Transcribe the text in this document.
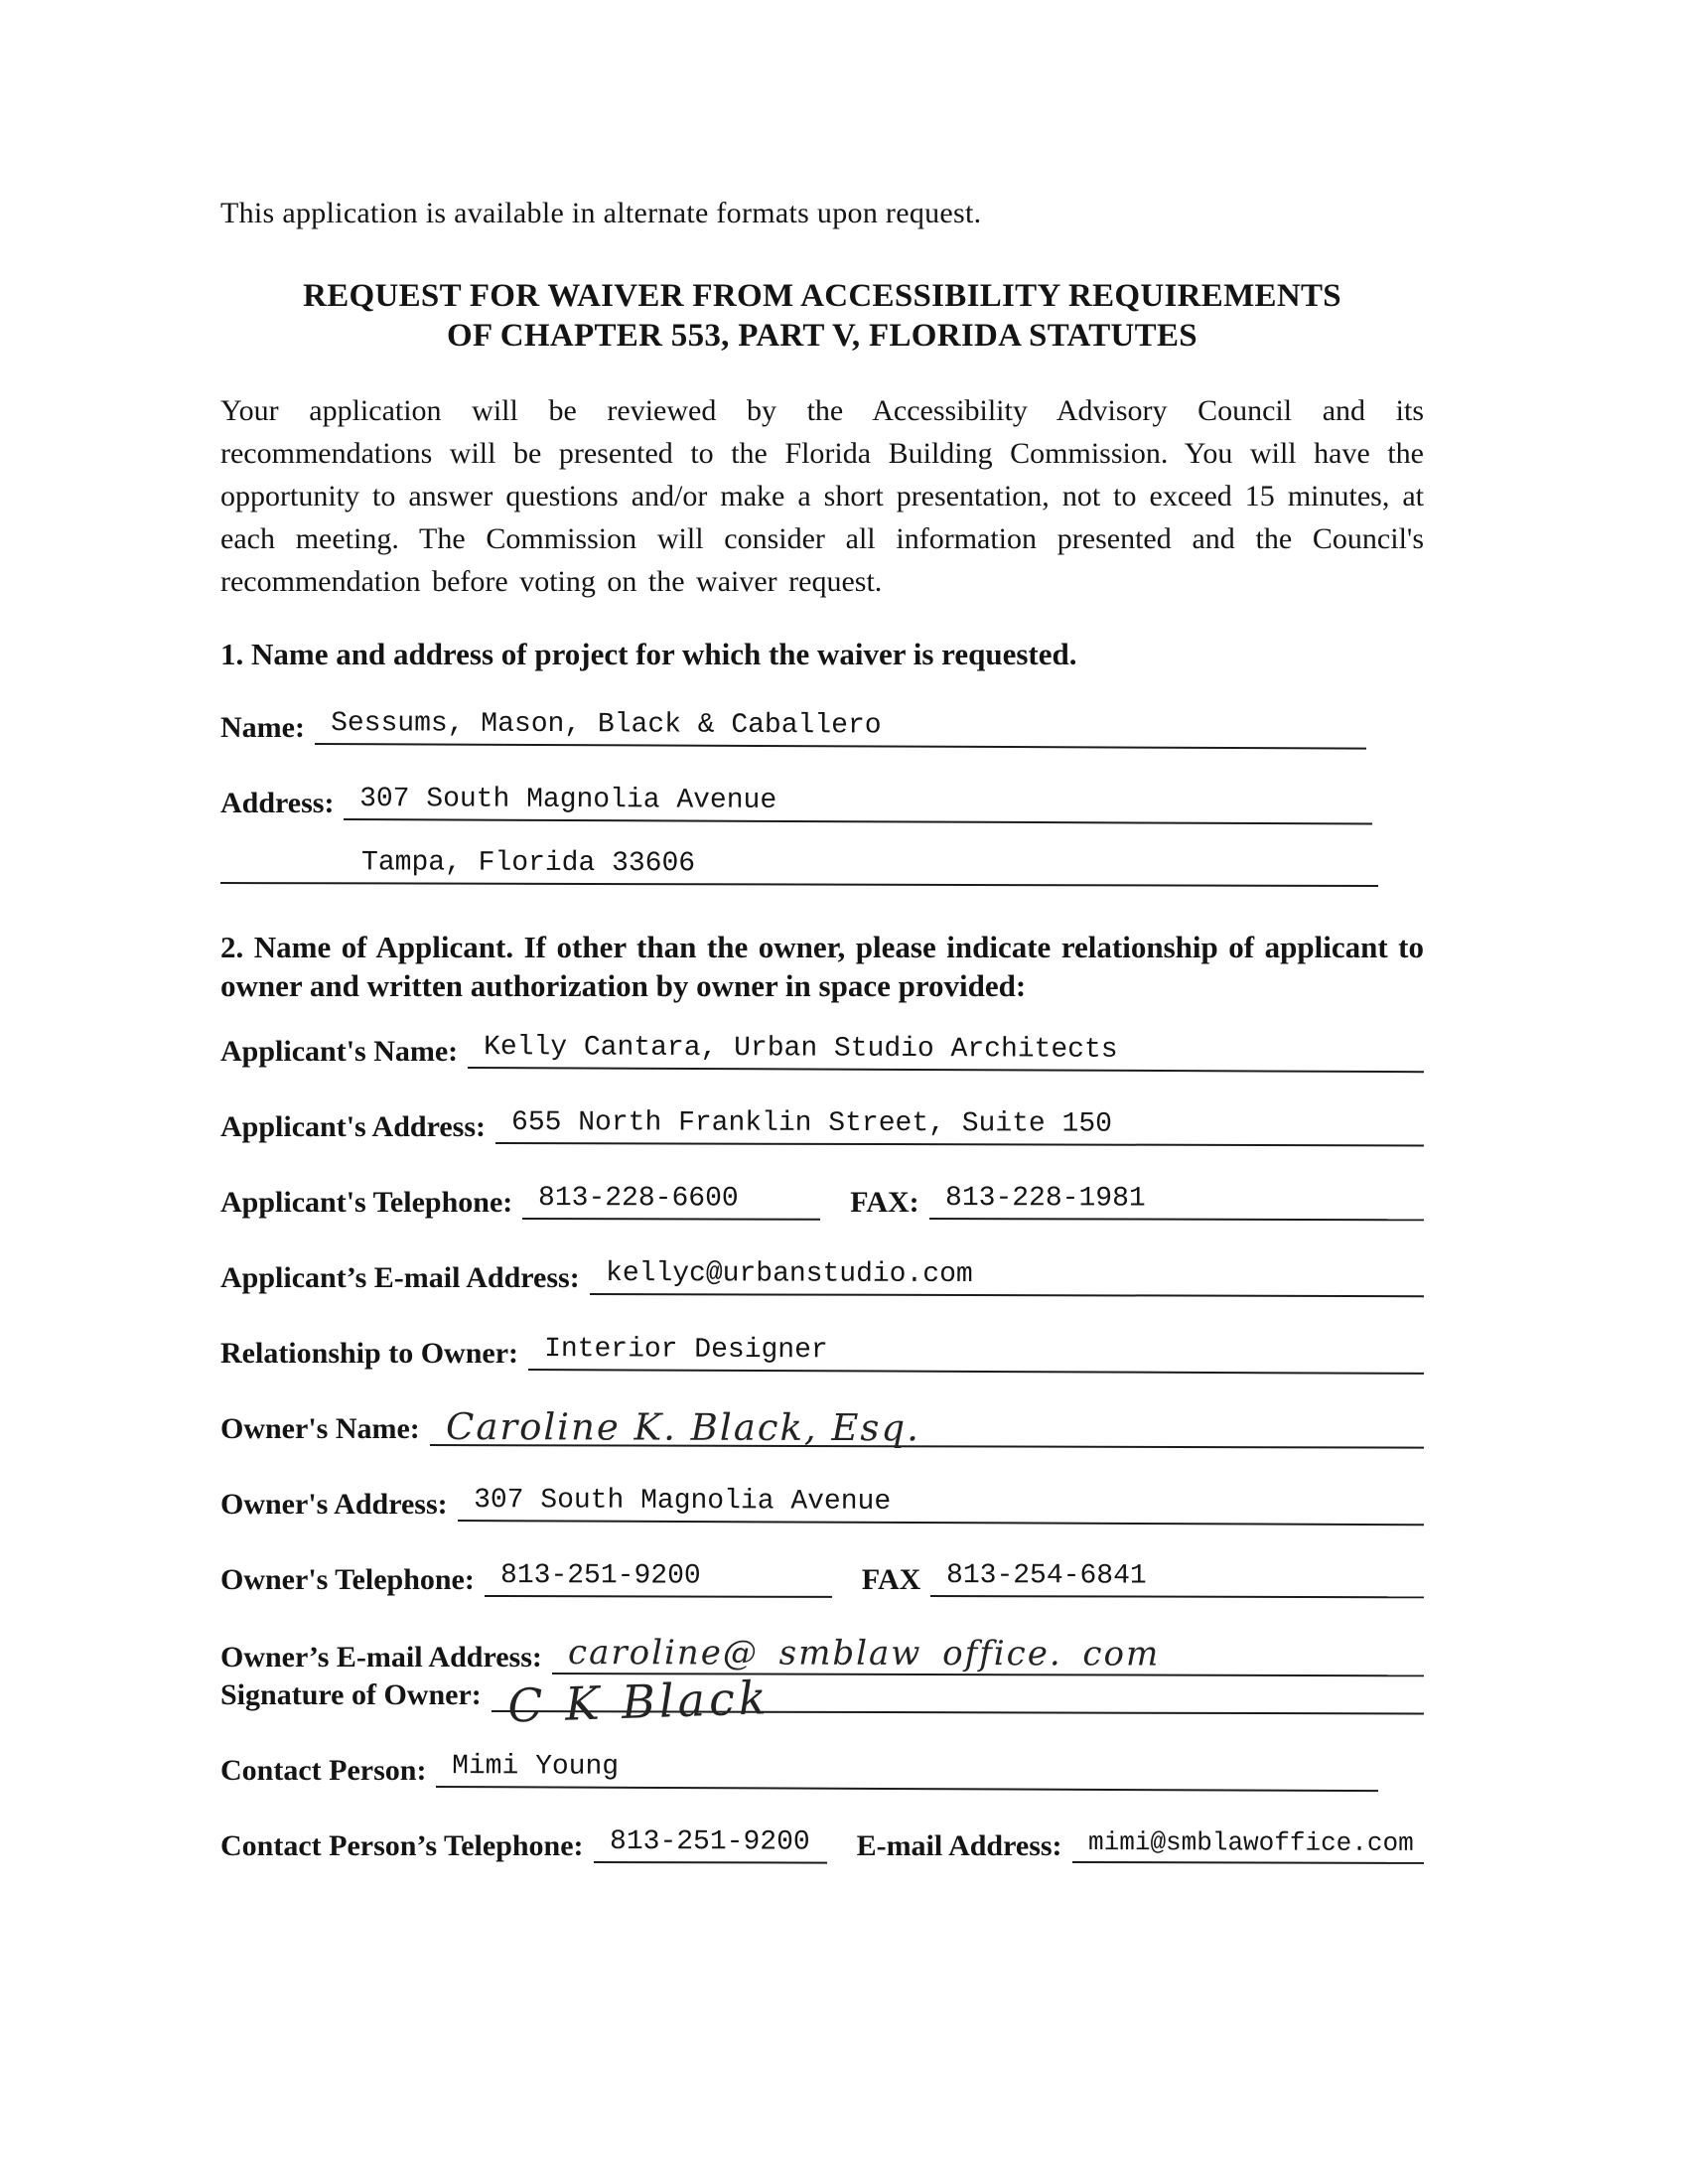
This application is available in alternate formats upon request.

REQUEST FOR WAIVER FROM ACCESSIBILITY REQUIREMENTS
OF CHAPTER 553, PART V, FLORIDA STATUTES

Your application will be reviewed by the Accessibility Advisory Council and its recommendations will be presented to the Florida Building Commission. You will have the opportunity to answer questions and/or make a short presentation, not to exceed 15 minutes, at each meeting. The Commission will consider all information presented and the Council's recommendation before voting on the waiver request.

1. Name and address of project for which the waiver is requested.
Name: Sessums, Mason, Black & Caballero
Address: 307 South Magnolia Avenue
Tampa, Florida 33606
2. Name of Applicant. If other than the owner, please indicate relationship of applicant to owner and written authorization by owner in space provided:
Applicant's Name: Kelly Cantara, Urban Studio Architects
Applicant's Address: 655 North Franklin Street, Suite 150
Applicant's Telephone: 813-228-6600	FAX: 813-228-1981
Applicant’s E-mail Address: kellyc@urbanstudio.com
Relationship to Owner: Interior Designer
Owner's Name: Caroline K. Black, Esq.
Owner's Address: 307 South Magnolia Avenue
Owner's Telephone: 813-251-9200	FAX 813-254-6841
Owner’s E-mail Address: caroline@ smblaw office. com
Signature of Owner: C K Black
Contact Person: Mimi Young
Contact Person’s Telephone: 813-251-9200	E-mail Address:	mimi@smblawoffice.com
